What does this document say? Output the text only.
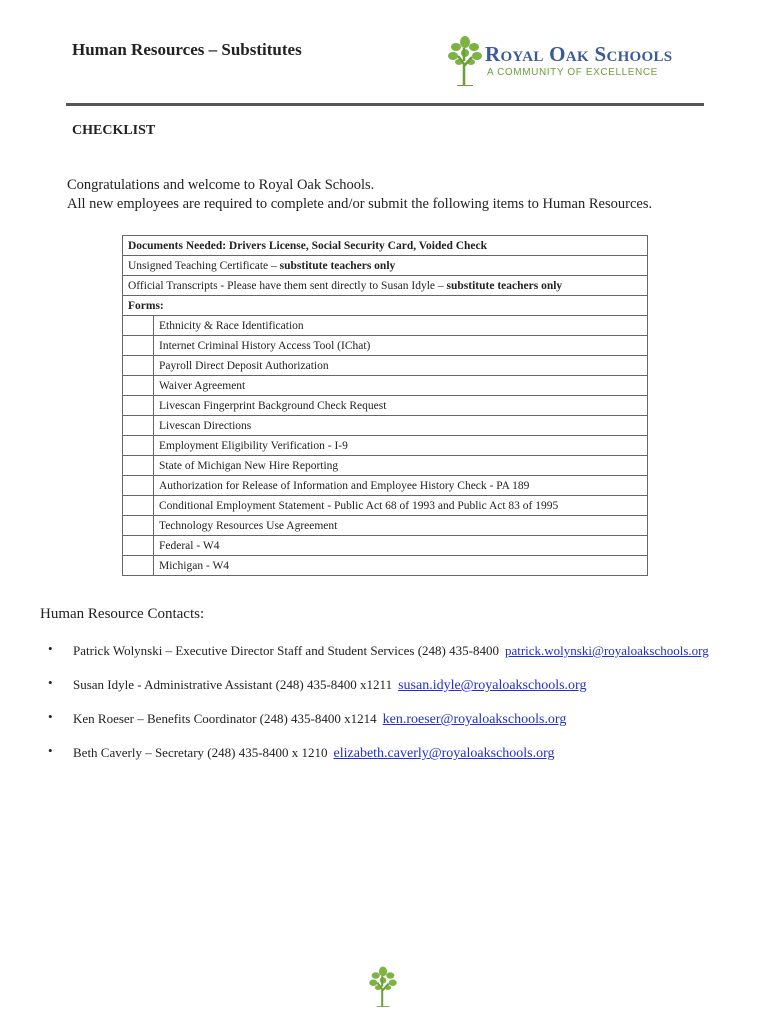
Human Resources – Substitutes	Royal Oak Schools
A COMMUNITY OF EXCELLENCE
CHECKLIST

Congratulations and welcome to Royal Oak Schools.

All new employees are required to complete and/or submit the following items to Human Resources.

Documents Needed: Drivers License, Social Security Card, Voided Check	
Unsigned Teaching Certificate – substitute teachers only	
Official Transcripts - Please have them sent directly to Susan Idyle – substitute teachers only	
Forms:	
	Ethnicity & Race Identification
	Internet Criminal History Access Tool (IChat)
	Payroll Direct Deposit Authorization
	Waiver Agreement
	Livescan Fingerprint Background Check Request
	Livescan Directions
	Employment Eligibility Verification - I-9
	State of Michigan New Hire Reporting
	Authorization for Release of Information and Employee History Check - PA 189
	Conditional Employment Statement - Public Act 68 of 1993 and Public Act 83 of 1995
	Technology Resources Use Agreement
	Federal - W4
	Michigan - W4
Human Resource Contacts:
• Patrick Wolynski – Executive Director Staff and Student Services (248) 435-8400 patrick.wolynski@royaloakschools.org
• Susan Idyle - Administrative Assistant (248) 435-8400 x1211 susan.idyle@royaloakschools.org
• Ken Roeser – Benefits Coordinator (248) 435-8400 x1214 ken.roeser@royaloakschools.org
• Beth Caverly – Secretary (248) 435-8400 x 1210 elizabeth.caverly@royaloakschools.org
